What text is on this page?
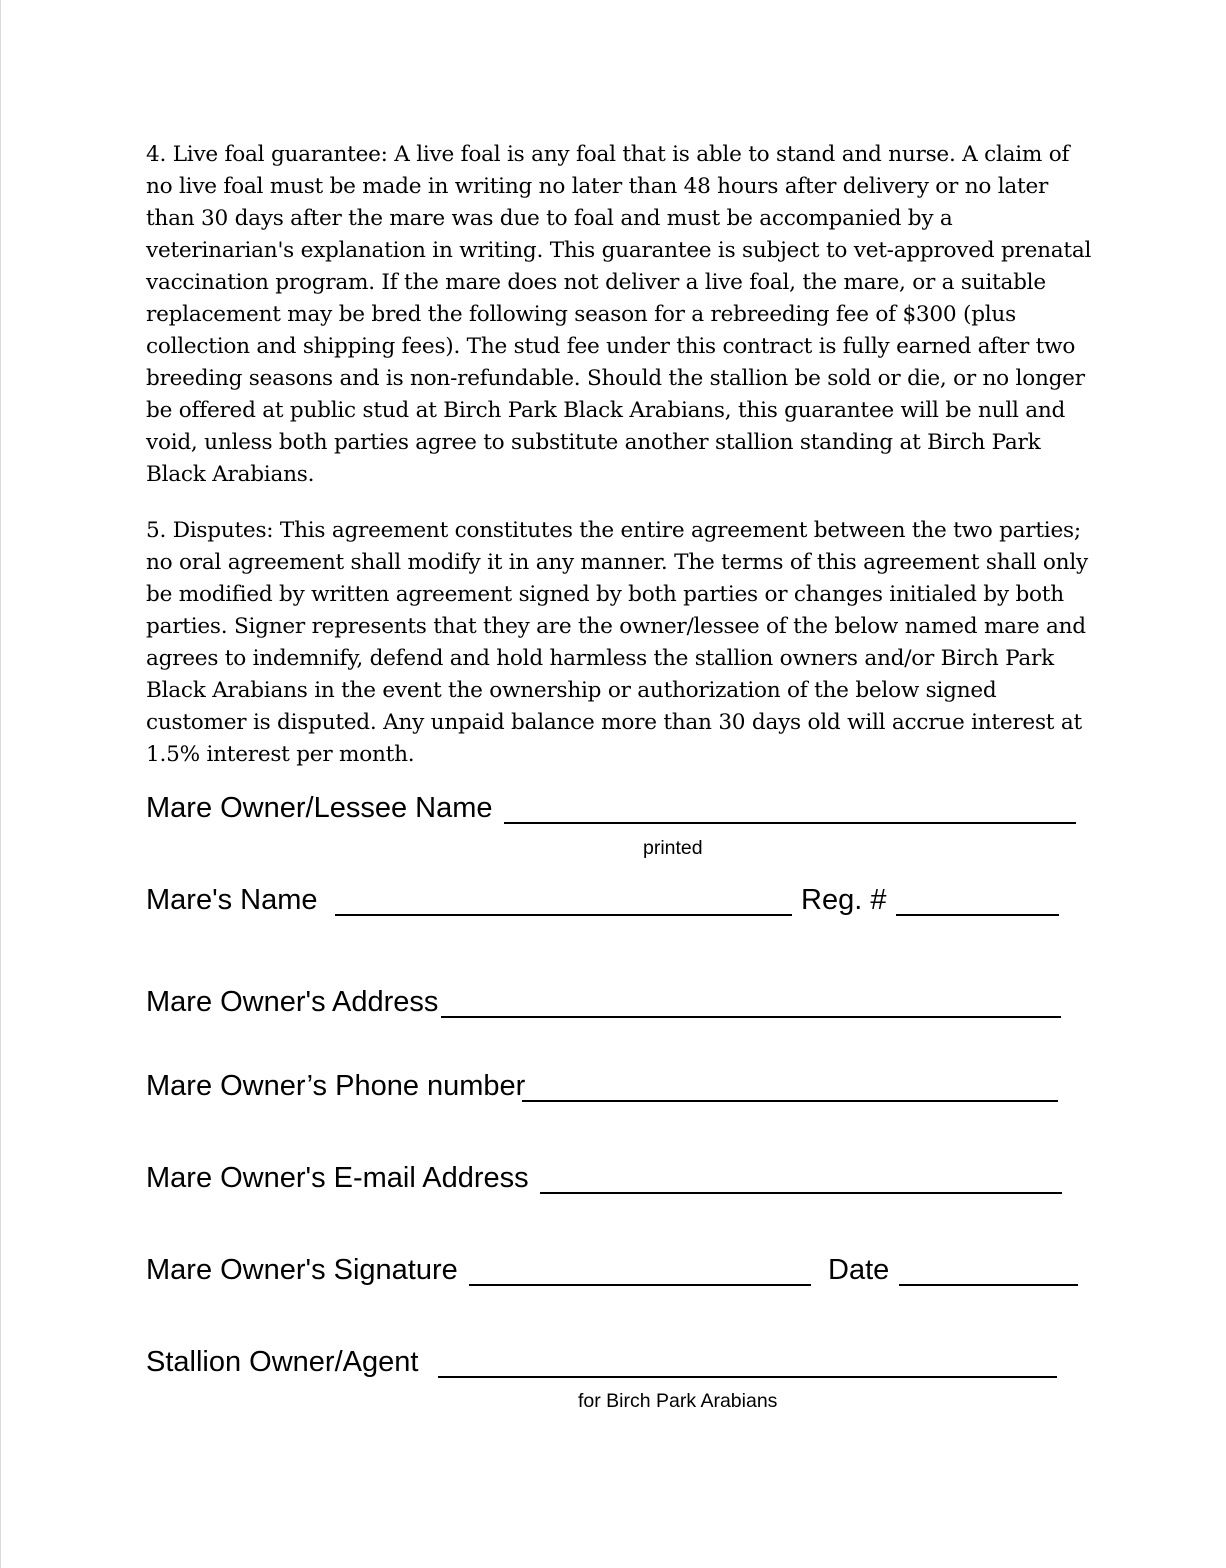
4. Live foal guarantee: A live foal is any foal that is able to stand and nurse. A claim of
no live foal must be made in writing no later than 48 hours after delivery or no later
than 30 days after the mare was due to foal and must be accompanied by a
veterinarian's explanation in writing. This guarantee is subject to vet-approved prenatal
vaccination program. If the mare does not deliver a live foal, the mare, or a suitable
replacement may be bred the following season for a rebreeding fee of $300 (plus
collection and shipping fees). The stud fee under this contract is fully earned after two
breeding seasons and is non-refundable. Should the stallion be sold or die, or no longer
be offered at public stud at Birch Park Black Arabians, this guarantee will be null and
void, unless both parties agree to substitute another stallion standing at Birch Park
Black Arabians.

5. Disputes: This agreement constitutes the entire agreement between the two parties;
no oral agreement shall modify it in any manner. The terms of this agreement shall only
be modified by written agreement signed by both parties or changes initialed by both
parties. Signer represents that they are the owner/lessee of the below named mare and
agrees to indemnify, defend and hold harmless the stallion owners and/or Birch Park
Black Arabians in the event the ownership or authorization of the below signed
customer is disputed. Any unpaid balance more than 30 days old will accrue interest at
1.5% interest per month.

Mare Owner/Lessee Name
printed
Mare's Name	Reg. #
Mare Owner's Address
Mare Owner’s Phone number
Mare Owner's E-mail Address
Mare Owner's Signature	Date
Stallion Owner/Agent
for Birch Park Arabians
